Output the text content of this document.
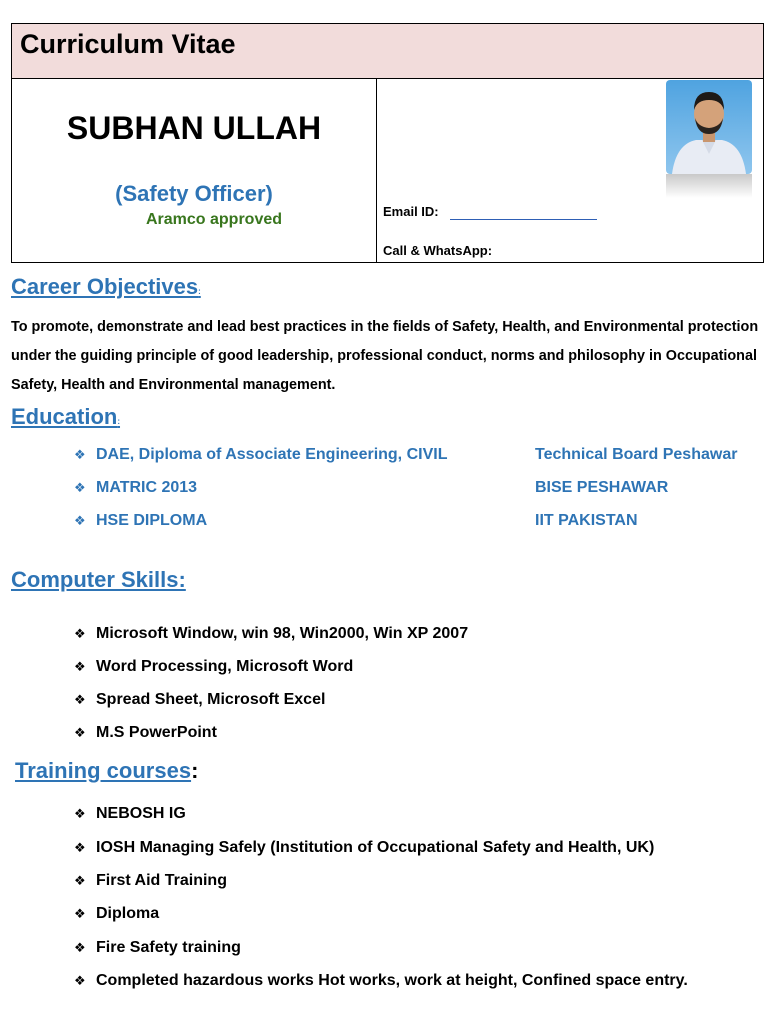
Curriculum Vitae
SUBHAN ULLAH
(Safety Officer)
Aramco approved	Email ID:
Call & WhatsApp:
Career Objectives:
To promote, demonstrate and lead best practices in the fields of Safety, Health, and Environmental protection under the guiding principle of good leadership, professional conduct, norms and philosophy in Occupational Safety, Health and Environmental management.
Education:
❖ DAE, Diploma of Associate Engineering, CIVIL	Technical Board Peshawar
❖ MATRIC 2013	BISE PESHAWAR
❖ HSE DIPLOMA	IIT PAKISTAN
Computer Skills:
❖ Microsoft Window, win 98, Win2000, Win XP 2007
❖ Word Processing, Microsoft Word
❖ Spread Sheet, Microsoft Excel
❖ M.S PowerPoint
Training courses:
❖ NEBOSH IG
❖ IOSH Managing Safely (Institution of Occupational Safety and Health, UK)
❖ First Aid Training
❖ Diploma
❖ Fire Safety training
❖ Completed hazardous works Hot works, work at height, Confined space entry.
